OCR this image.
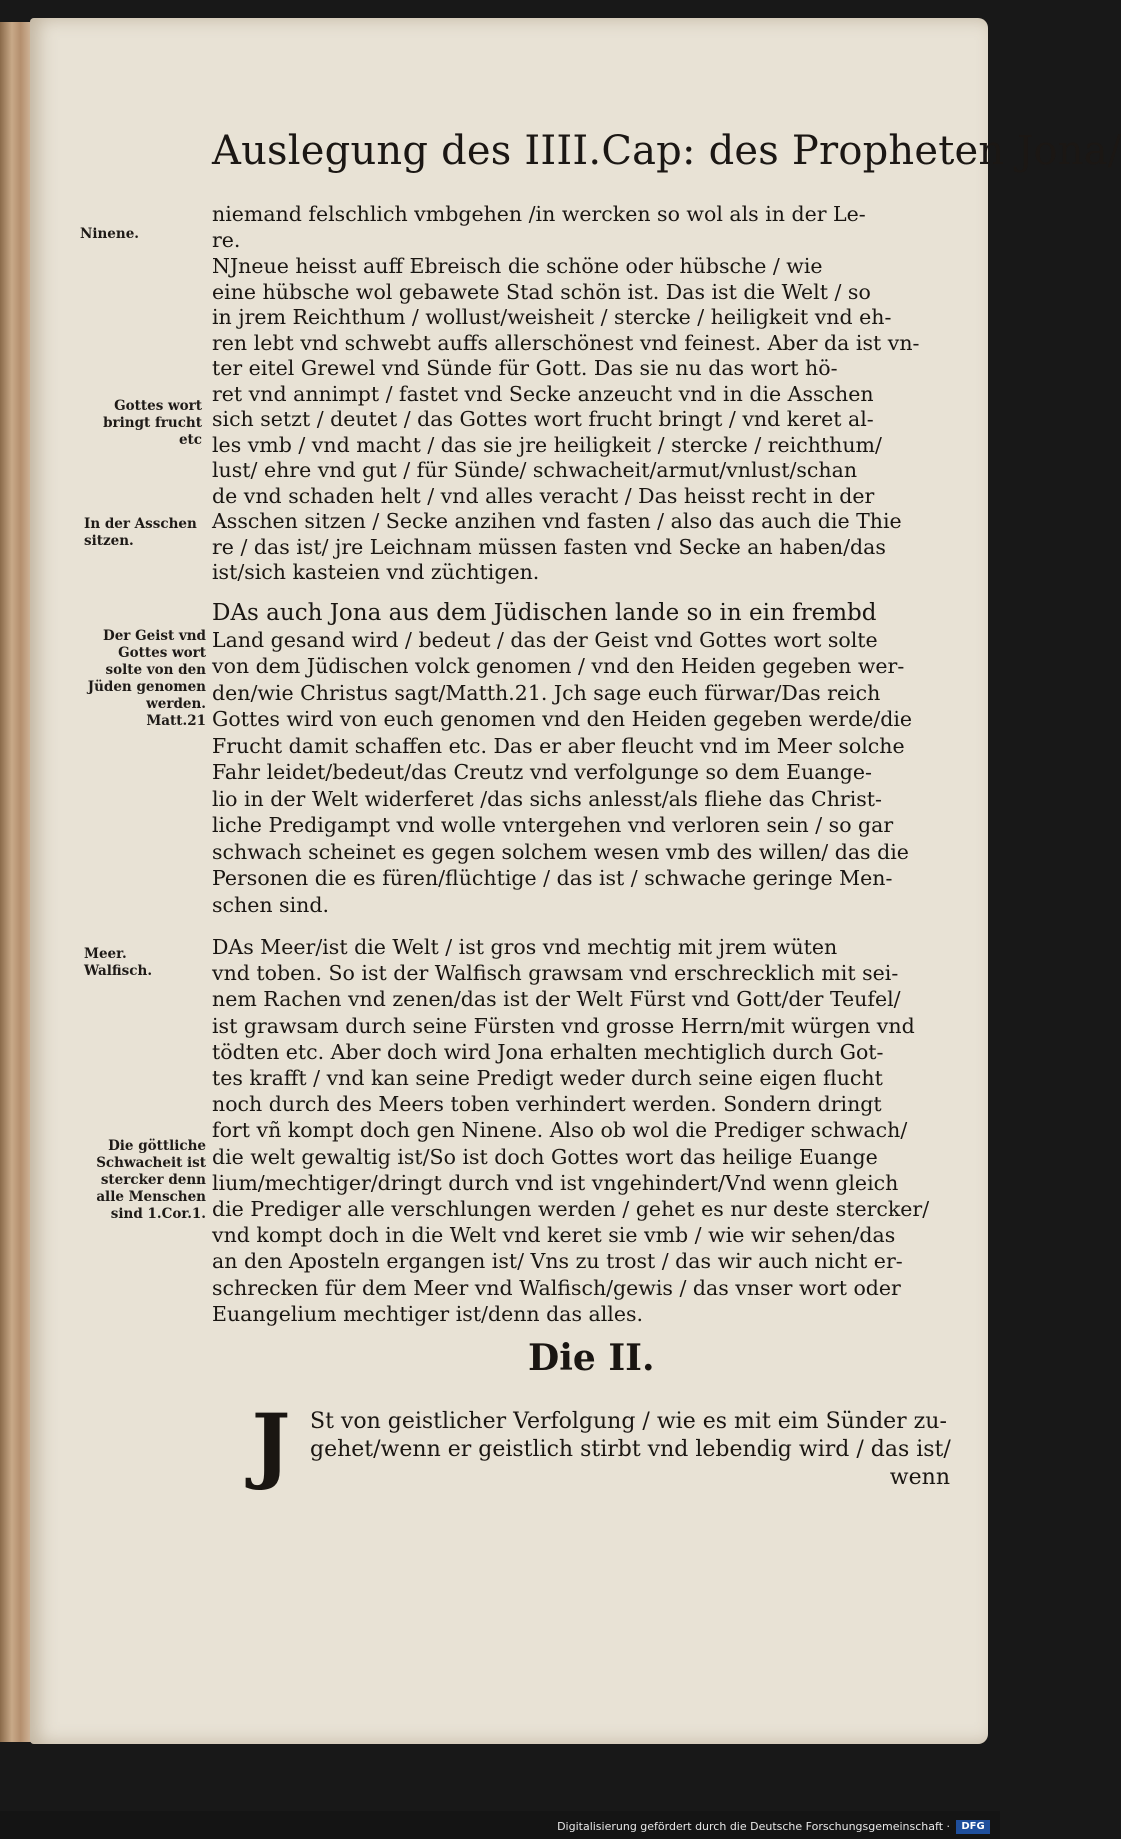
Auslegung des IIII.Cap: des Propheten Jona/
Ninene.
Gottes wort bringt frucht etc
In der Asschen sitzen.
Der Geist vnd Gottes wort solte von den Jüden genomen werden. Matt.21
Meer. Walfisch.
Die göttliche Schwacheit ist stercker denn alle Menschen sind 1.Cor.1.

niemand felschlich vmbgehen /in wercken so wol als in der Le-
re.

NJneue heisst auff Ebreisch die schöne oder hübsche / wie
eine hübsche wol gebawete Stad schön ist. Das ist die Welt / so
in jrem Reichthum / wollust/weisheit / stercke / heiligkeit vnd eh-
ren lebt vnd schwebt auffs allerschönest vnd feinest. Aber da ist vn-
ter eitel Grewel vnd Sünde für Gott. Das sie nu das wort hö-
ret vnd annimpt / fastet vnd Secke anzeucht vnd in die Asschen
sich setzt / deutet / das Gottes wort frucht bringt / vnd keret al-
les vmb / vnd macht / das sie jre heiligkeit / stercke / reichthum/
lust/ ehre vnd gut / für Sünde/ schwacheit/armut/vnlust/schan
de vnd schaden helt / vnd alles veracht / Das heisst recht in der
Asschen sitzen / Secke anzihen vnd fasten / also das auch die Thie
re / das ist/ jre Leichnam müssen fasten vnd Secke an haben/das
ist/sich kasteien vnd züchtigen.

DAs auch Jona aus dem Jüdischen lande so in ein frembd
Land gesand wird / bedeut / das der Geist vnd Gottes wort solte
von dem Jüdischen volck genomen / vnd den Heiden gegeben wer-
den/wie Christus sagt/Matth.21. Jch sage euch fürwar/Das reich
Gottes wird von euch genomen vnd den Heiden gegeben werde/die
Frucht damit schaffen etc. Das er aber fleucht vnd im Meer solche
Fahr leidet/bedeut/das Creutz vnd verfolgunge so dem Euange-
lio in der Welt widerferet /das sichs anlesst/als fliehe das Christ-
liche Predigampt vnd wolle vntergehen vnd verloren sein / so gar
schwach scheinet es gegen solchem wesen vmb des willen/ das die
Personen die es füren/flüchtige / das ist / schwache geringe Men-
schen sind.

DAs Meer/ist die Welt / ist gros vnd mechtig mit jrem wüten
vnd toben. So ist der Walfisch grawsam vnd erschrecklich mit sei-
nem Rachen vnd zenen/das ist der Welt Fürst vnd Gott/der Teufel/
ist grawsam durch seine Fürsten vnd grosse Herrn/mit würgen vnd
tödten etc. Aber doch wird Jona erhalten mechtiglich durch Got-
tes krafft / vnd kan seine Predigt weder durch seine eigen flucht
noch durch des Meers toben verhindert werden. Sondern dringt
fort vñ kompt doch gen Ninene. Also ob wol die Prediger schwach/
die welt gewaltig ist/So ist doch Gottes wort das heilige Euange
lium/mechtiger/dringt durch vnd ist vngehindert/Vnd wenn gleich
die Prediger alle verschlungen werden / gehet es nur deste stercker/
vnd kompt doch in die Welt vnd keret sie vmb / wie wir sehen/das
an den Aposteln ergangen ist/ Vns zu trost / das wir auch nicht er-
schrecken für dem Meer vnd Walfisch/gewis / das vnser wort oder
Euangelium mechtiger ist/denn das alles.

Die II.
J St von geistlicher Verfolgung / wie es mit eim Sünder zu-
gehet/wenn er geistlich stirbt vnd lebendig wird / das ist/
wenn

Digitalisierung gefördert durch die Deutsche Forschungsgemeinschaft ·	DFG
